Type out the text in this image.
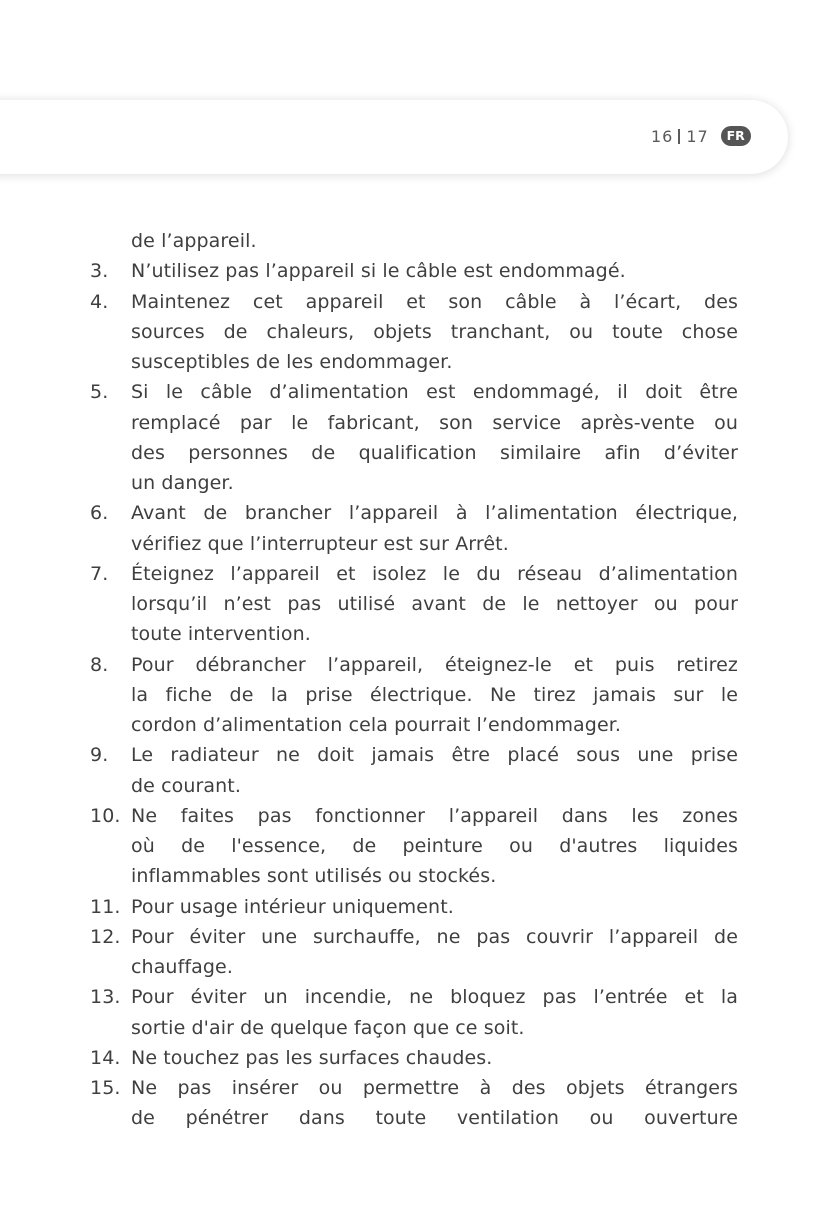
16 17	FR
de l’appareil.
3.	N’utilisez pas l’appareil si le câble est endommagé.
4.	Maintenez cet appareil et son câble à l’écart, des
sources de chaleurs, objets tranchant, ou toute chose
susceptibles de les endommager.
5.	Si le câble d’alimentation est endommagé, il doit être
remplacé par le fabricant, son service après-vente ou
des personnes de qualification similaire afin d’éviter
un danger.
6.	Avant de brancher l’appareil à l’alimentation électrique,
vérifiez que l’interrupteur est sur Arrêt.
7.	Éteignez l’appareil et isolez le du réseau d’alimentation
lorsqu’il n’est pas utilisé avant de le nettoyer ou pour
toute intervention.
8.	Pour débrancher l’appareil, éteignez-le et puis retirez
la fiche de la prise électrique. Ne tirez jamais sur le
cordon d’alimentation cela pourrait l’endommager.
9.	Le radiateur ne doit jamais être placé sous une prise
de courant.
10. Ne faites pas fonctionner l’appareil dans les zones
où de l'essence, de peinture ou d'autres liquides
inflammables sont utilisés ou stockés.
11. Pour usage intérieur uniquement.
12. Pour éviter une surchauffe, ne pas couvrir l’appareil de
chauffage.
13. Pour éviter un incendie, ne bloquez pas l’entrée et la
sortie d'air de quelque façon que ce soit.
14. Ne touchez pas les surfaces chaudes.
15. Ne pas insérer ou permettre à des objets étrangers
de pénétrer dans toute ventilation ou ouverture
